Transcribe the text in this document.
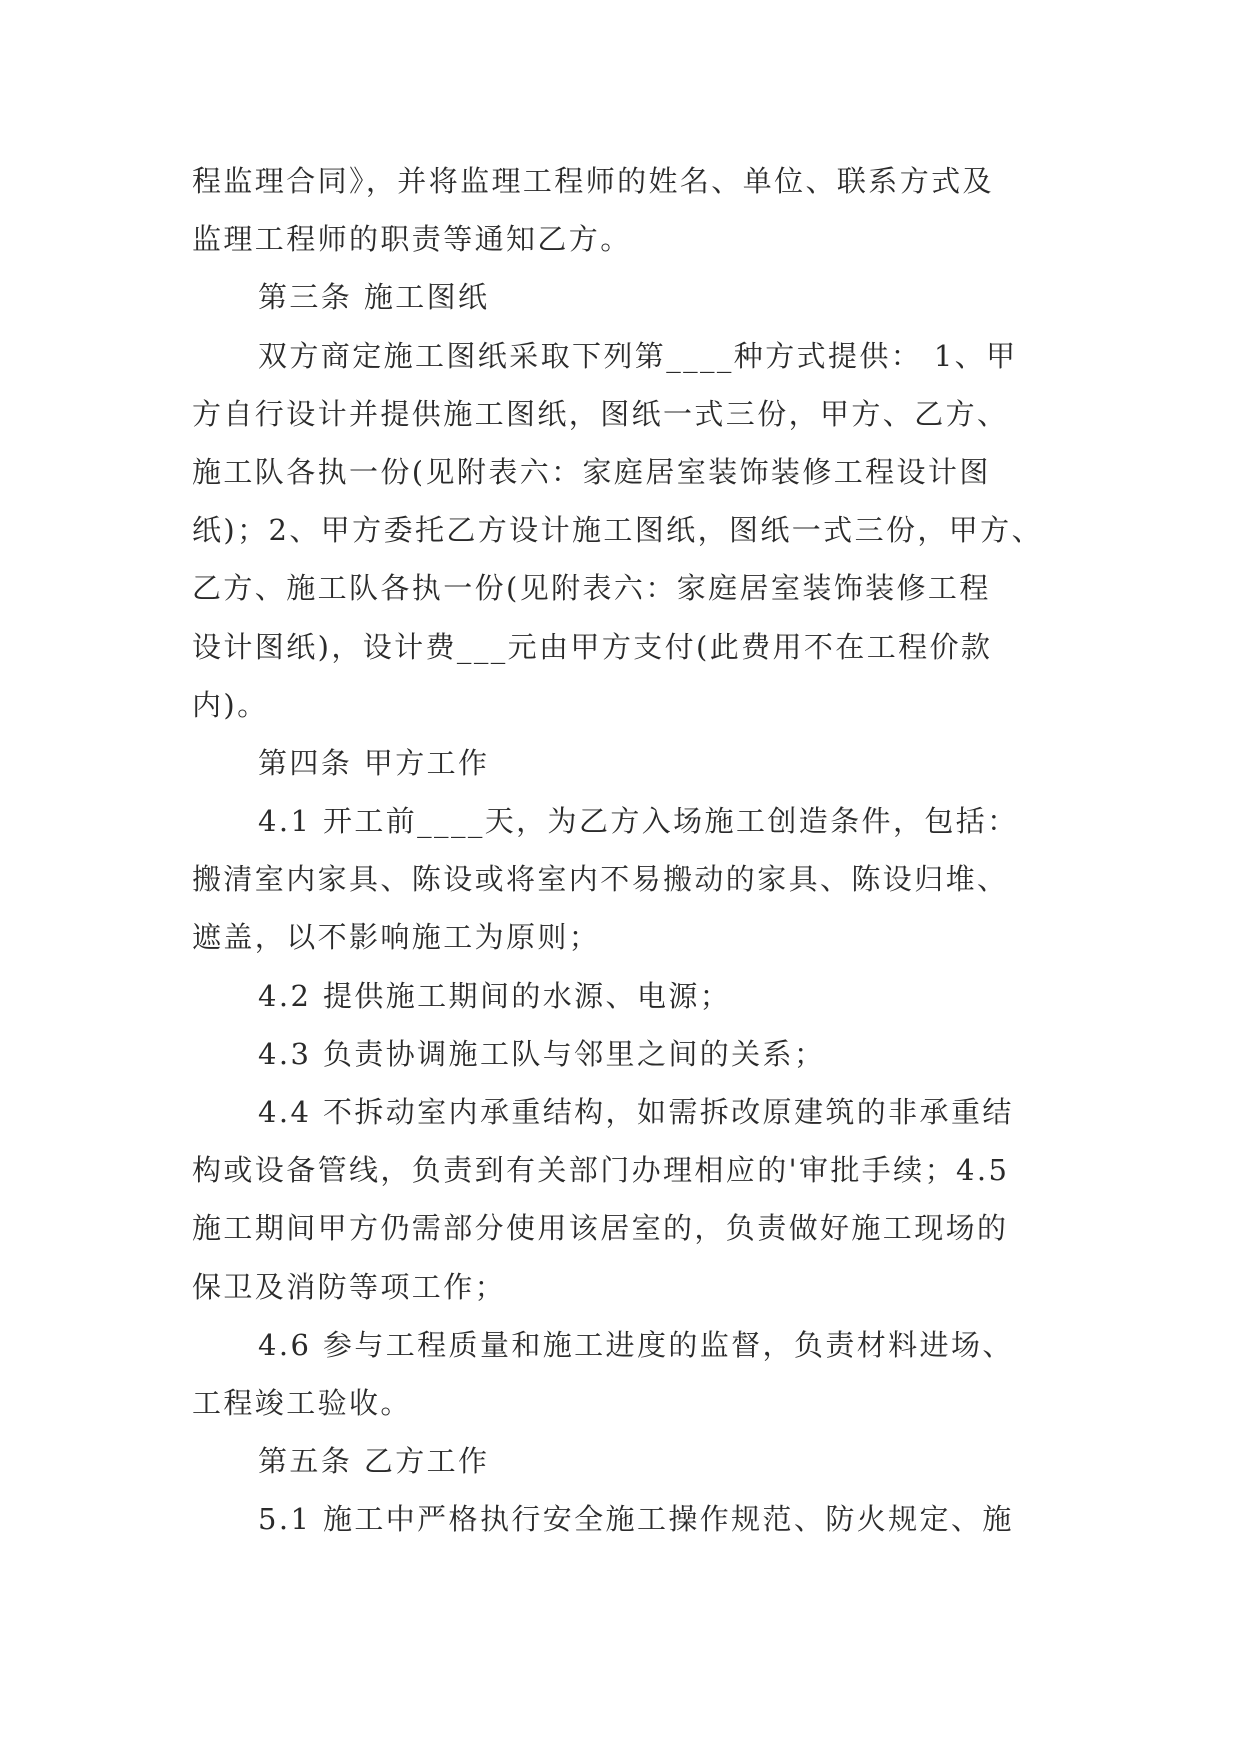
程监理合同》，并将监理工程师的姓名、单位、联系方式及
监理工程师的职责等通知乙方。
第三条 施工图纸
双方商定施工图纸采取下列第____种方式提供： 1、甲
方自行设计并提供施工图纸，图纸一式三份，甲方、乙方、
施工队各执一份(见附表六：家庭居室装饰装修工程设计图
纸)；2、甲方委托乙方设计施工图纸，图纸一式三份，甲方、
乙方、施工队各执一份(见附表六：家庭居室装饰装修工程
设计图纸)，设计费___元由甲方支付(此费用不在工程价款
内)。
第四条 甲方工作
4.1 开工前____天，为乙方入场施工创造条件，包括：
搬清室内家具、陈设或将室内不易搬动的家具、陈设归堆、
遮盖，以不影响施工为原则；
4.2 提供施工期间的水源、电源；
4.3 负责协调施工队与邻里之间的关系；
4.4 不拆动室内承重结构，如需拆改原建筑的非承重结
构或设备管线，负责到有关部门办理相应的'审批手续；4.5
施工期间甲方仍需部分使用该居室的，负责做好施工现场的
保卫及消防等项工作；
4.6 参与工程质量和施工进度的监督，负责材料进场、
工程竣工验收。
第五条 乙方工作
5.1 施工中严格执行安全施工操作规范、防火规定、施
